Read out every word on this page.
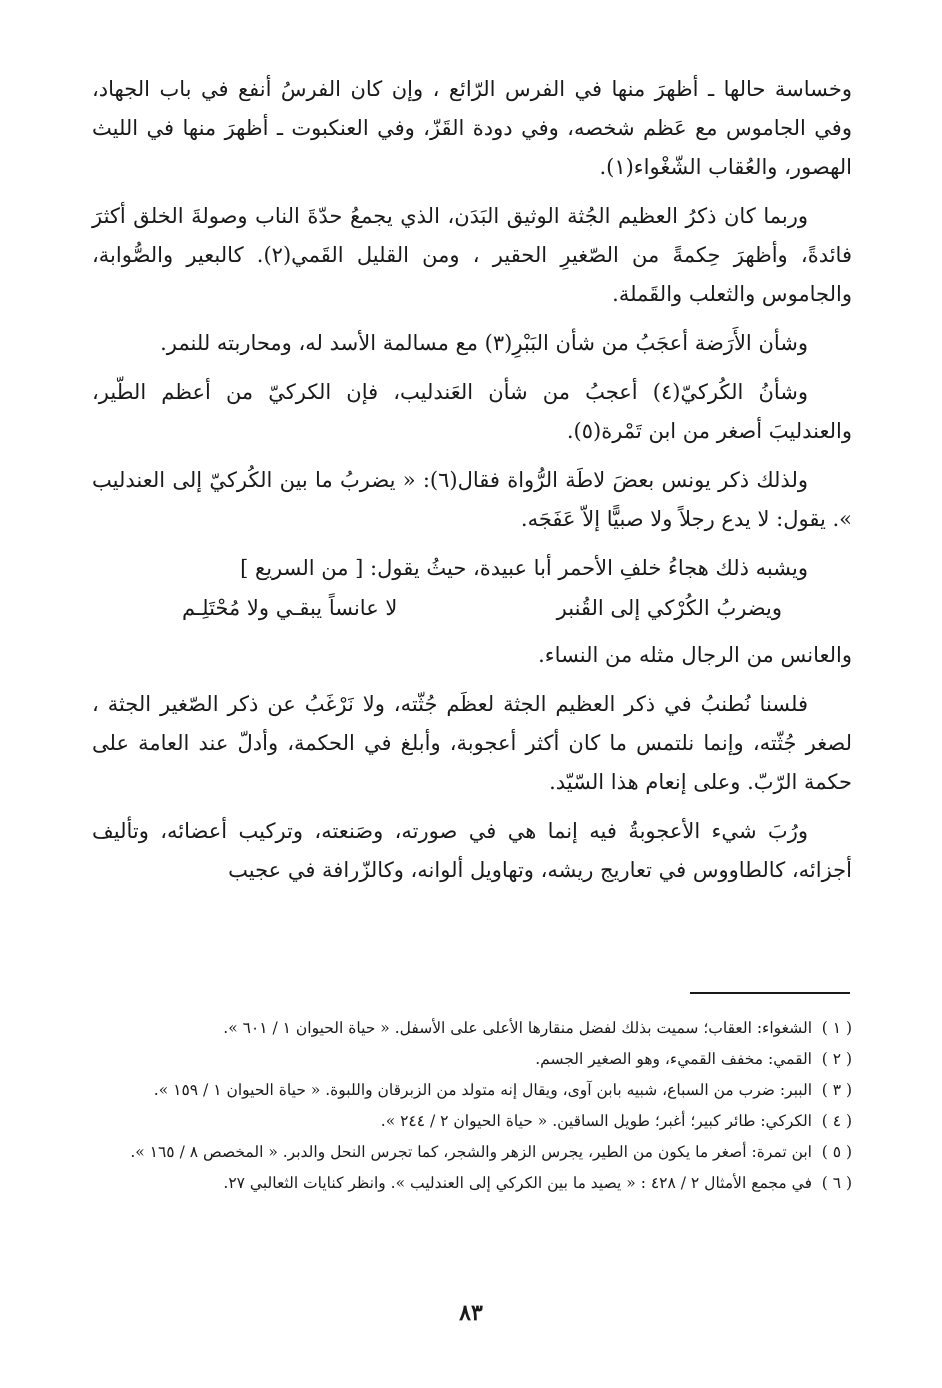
وخساسة حالها ـ أظهرَ منها في الفرس الرّائع ، وإن كان الفرسُ أنفع في باب الجهاد، وفي الجاموس مع عَظم شخصه، وفي دودة القَزّ، وفي العنكبوت ـ أظهرَ منها في الليث الهصور، والعُقاب الشّغْواء(١).

وربما كان ذكرُ العظيم الجُثة الوثيق البَدَن، الذي يجمعُ حدّةَ الناب وصولةَ الخلق أكثرَ فائدةً، وأظهرَ حِكمةً من الصّغيرِ الحقير ، ومن القليل القَمي(٢). كالبعير والصُّوابة، والجاموس والثعلب والقَملة.

وشأن الأَرَضة أعجَبُ من شأن البَبْرِ(٣) مع مسالمة الأسد له، ومحاربته للنمر.

وشأنُ الكُركيّ(٤) أعجبُ من شأن العَندليب، فإن الكركيّ من أعظم الطّير، والعندليبَ أصغر من ابن تَمْرة(٥).

ولذلك ذكر يونس بعضَ لاطَة الرُّواة فقال(٦): « يضربُ ما بين الكُركيّ إلى العندليب ». يقول: لا يدع رجلاً ولا صبيًّا إلاّ عَفَجَه.

ويشبه ذلك هجاءُ خلفِ الأحمر أبا عبيدة، حيثُ يقول: [ من السريع ]

ويضربُ الكُرْكي إلى القُنبر
لا عانساً يبقـي ولا مُحْتَلِـم

والعانس من الرجال مثله من النساء.

فلسنا نُطنبُ في ذكر العظيم الجثة لعظَم جُثّته، ولا نَرْغَبُ عن ذكر الصّغير الجثة ، لصغر جُثّته، وإنما نلتمس ما كان أكثر أعجوبة، وأبلغ في الحكمة، وأدلّ عند العامة على حكمة الرّبّ. وعلى إنعام هذا السّيّد.

ورُبَ شيء الأعجوبةُ فيه إنما هي في صورته، وصَنعته، وتركيب أعضائه، وتأليف أجزائه، كالطاووس في تعاريج ريشه، وتهاويل ألوانه، وكالزّرافة في عجيب

( ١ )
الشغواء: العقاب؛ سميت بذلك لفضل منقارها الأعلى على الأسفل. « حياة الحيوان ١ / ٦٠١ ».
( ٢ )
القمي: مخفف القميء، وهو الصغير الجسم.
( ٣ )
الببر: ضرب من السباع، شبيه بابن آوى، ويقال إنه متولد من الزبرقان واللبوة. « حياة الحيوان ١ / ١٥٩ ».
( ٤ )
الكركي: طائر كبير؛ أغبر؛ طويل الساقين. « حياة الحيوان ٢ / ٢٤٤ ».
( ٥ )
ابن تمرة: أصغر ما يكون من الطير، يجرس الزهر والشجر، كما تجرس النحل والدبر. « المخصص ٨ / ١٦٥ ».
( ٦ )
في مجمع الأمثال ٢ / ٤٢٨ : « يصيد ما بين الكركي إلى العندليب ». وانظر كنايات الثعالبي ٢٧.
٨٣
